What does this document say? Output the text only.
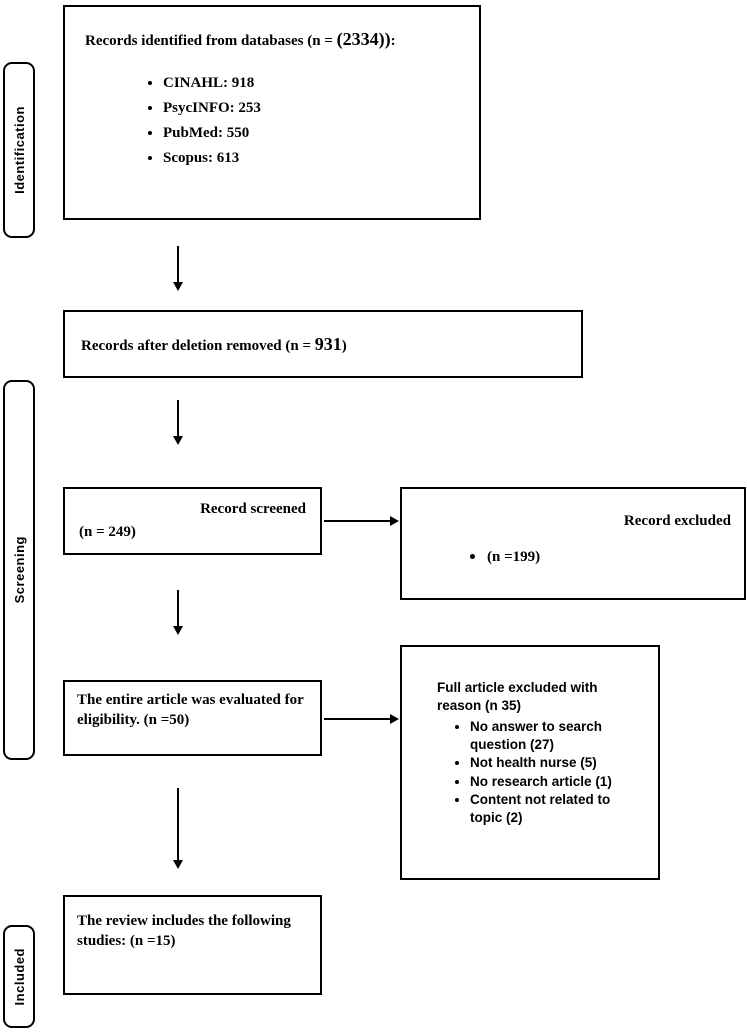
Identification
Screening
Included
Records identified from databases (n = (2334)):
• CINAHL: 918
• PsycINFO: 253
• PubMed: 550
• Scopus: 613
Records after deletion removed (n = 931)
Record screened
(n = 249)
Record excluded
• (n =199)
The entire article was evaluated for eligibility. (n =50)
Full article excluded with reason (n 35)
• No answer to search question (27)
• Not health nurse (5)
• No research article (1)
• Content not related to topic (2)
The review includes the following studies: (n =15)
